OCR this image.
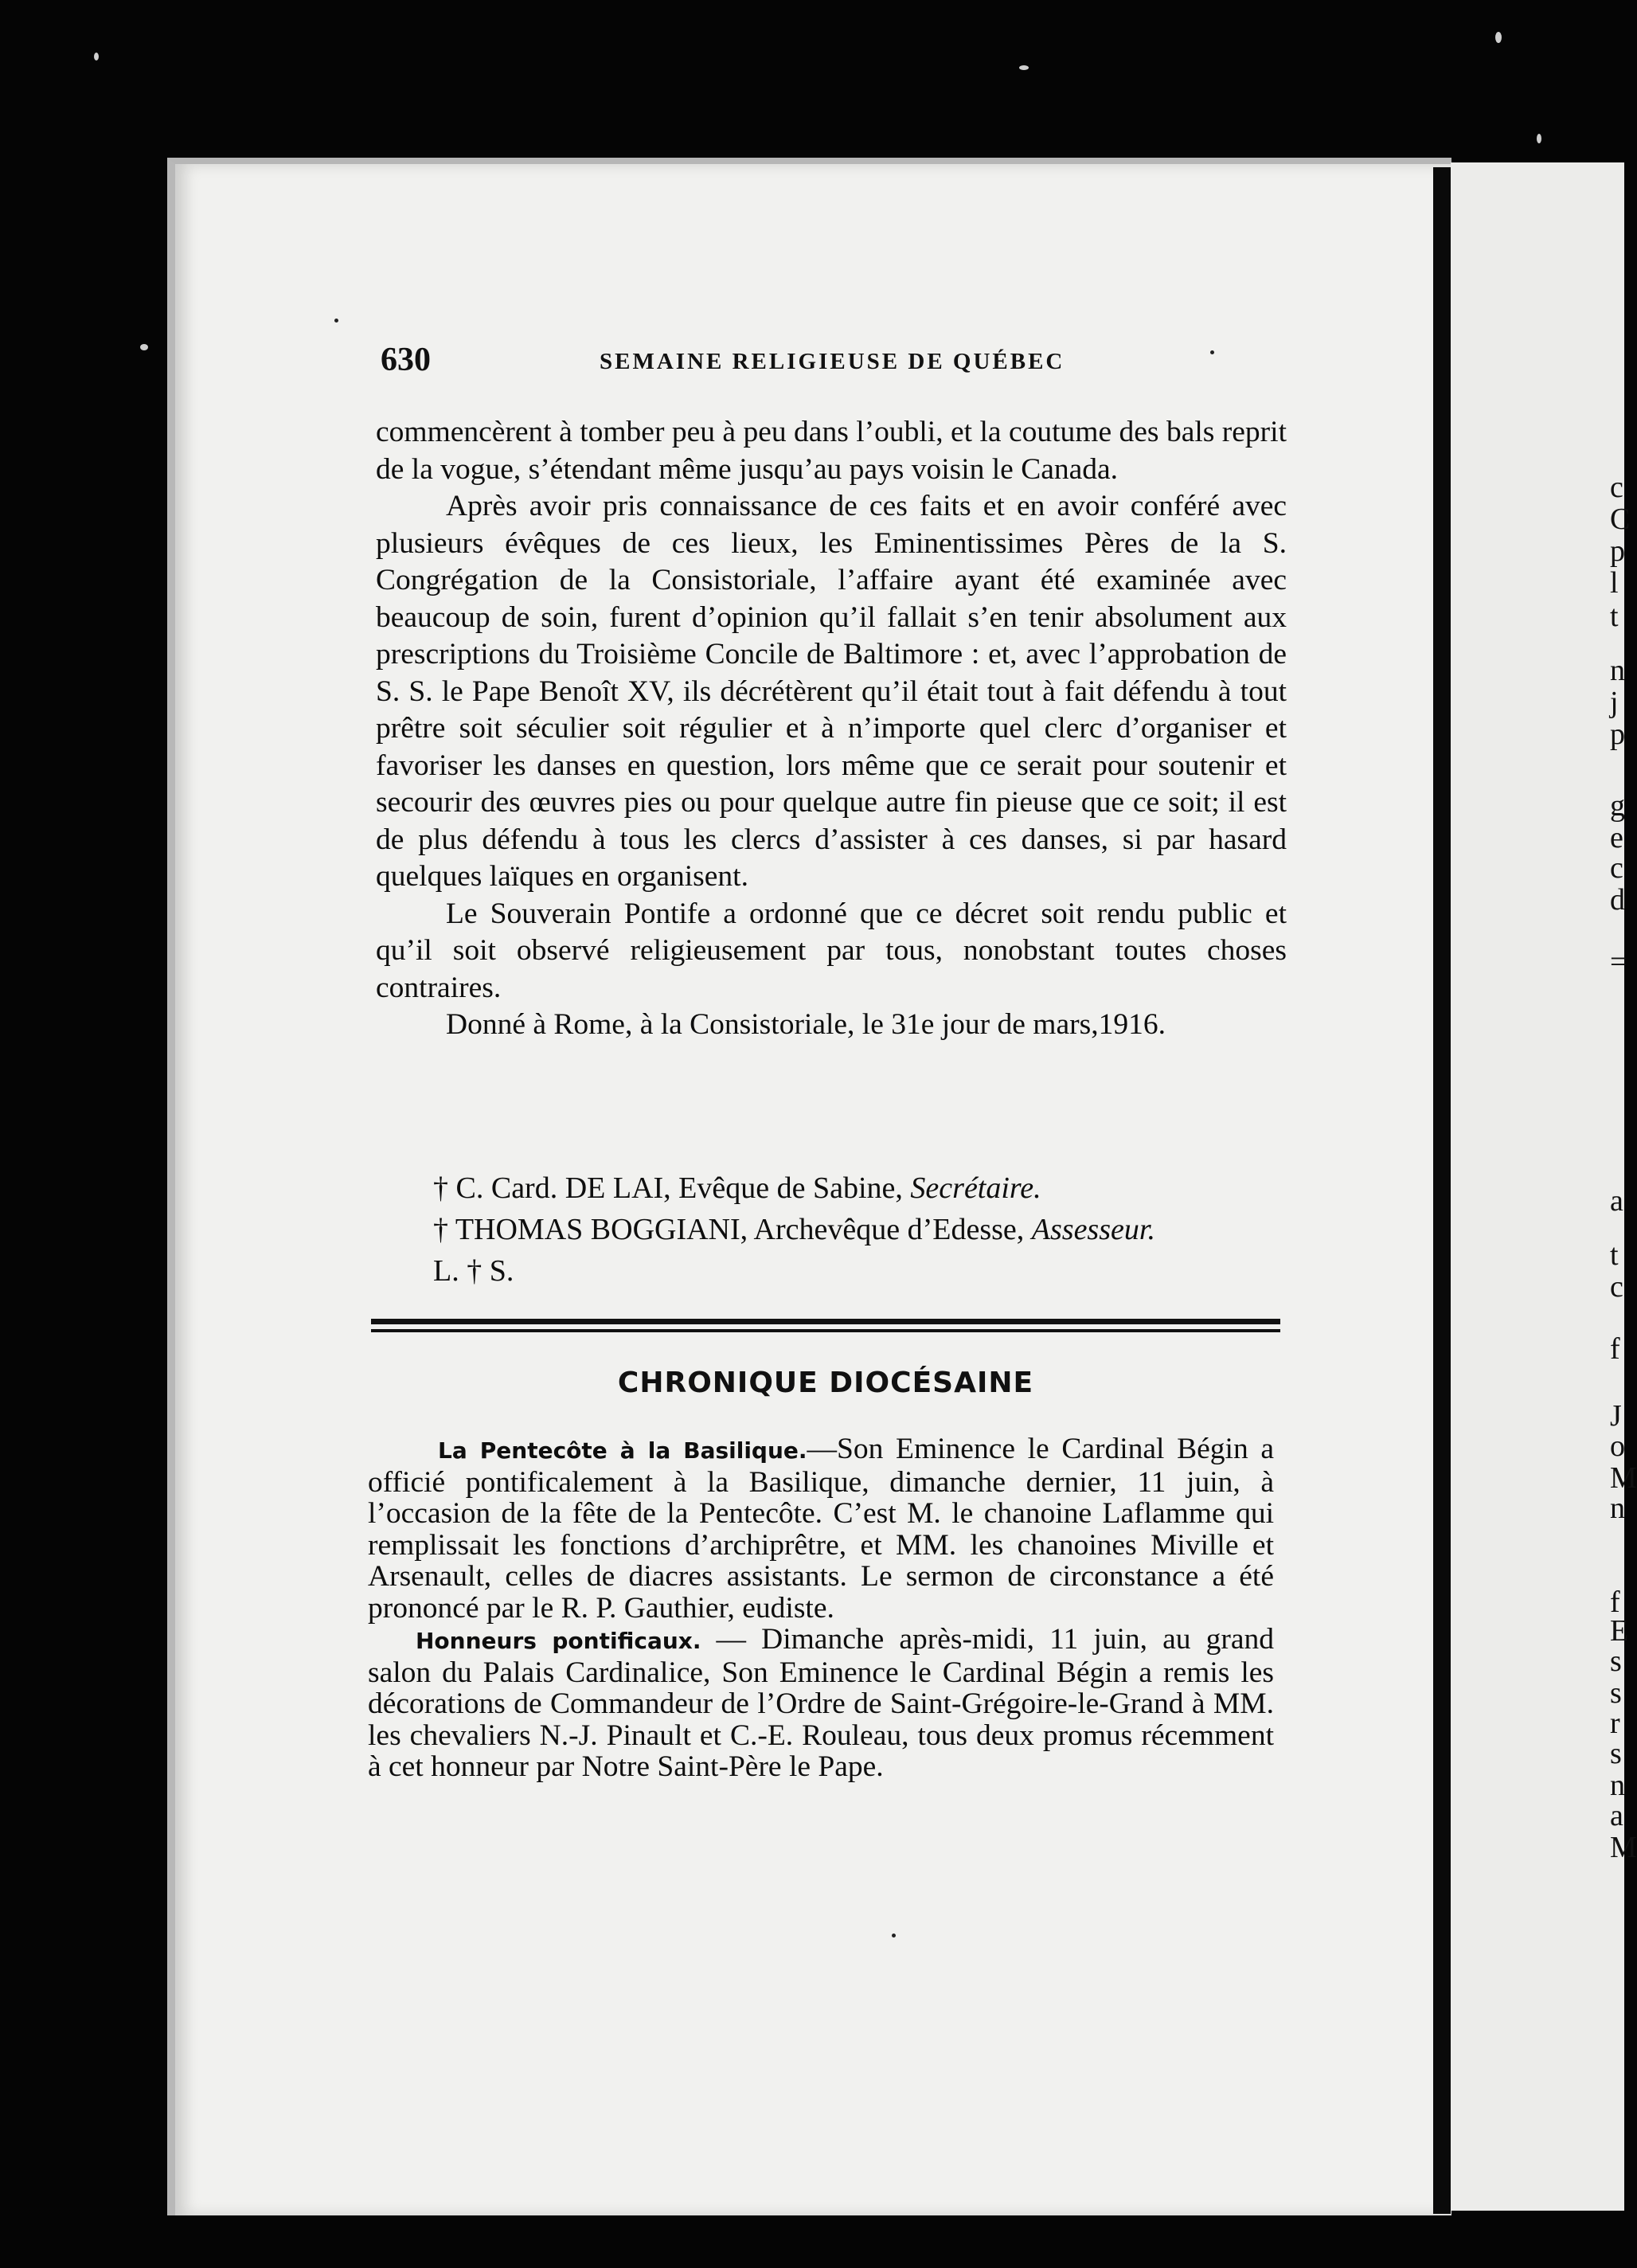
c
C
p
l
t
n
j
p
g
e
c
d
=
a
t
c
f
J
o
M
n
f
E
s
s
r
s
n
a
M
630	SEMAINE RELIGIEUSE DE QUÉBEC

commencèrent à tomber peu à peu dans l’oubli, et la coutume des bals reprit de la vogue, s’étendant même jusqu’au pays voisin le Canada.

Après avoir pris connaissance de ces faits et en avoir conféré avec plusieurs évêques de ces lieux, les Eminentissimes Pères de la S. Congrégation de la Consistoriale, l’affaire ayant été examinée avec beaucoup de soin, furent d’opinion qu’il fallait s’en tenir absolument aux prescriptions du Troisième Concile de Baltimore : et, avec l’approbation de S. S. le Pape Benoît XV, ils décrétèrent qu’il était tout à fait défendu à tout prêtre soit séculier soit régulier et à n’importe quel clerc d’organiser et favoriser les danses en question, lors même que ce serait pour soutenir et secourir des œuvres pies ou pour quelque autre fin pieuse que ce soit; il est de plus défendu à tous les clercs d’assister à ces danses, si par hasard quelques laïques en organisent.

Le Souverain Pontife a ordonné que ce décret soit rendu public et qu’il soit observé religieusement par tous, nonobstant toutes choses contraires.

Donné à Rome, à la Consistoriale, le 31e jour de mars,1916.

† C. Card. DE LAI, Evêque de Sabine, Secrétaire.
† THOMAS BOGGIANI, Archevêque d’Edesse, Assesseur.
L. † S.
CHRONIQUE DIOCÉSAINE

La Pentecôte à la Basilique.—Son Eminence le Cardinal Bégin a officié pontificalement à la Basilique, dimanche dernier, 11 juin, à l’occasion de la fête de la Pentecôte. C’est M. le chanoine Laflamme qui remplissait les fonctions d’archiprêtre, et MM. les chanoines Miville et Arsenault, celles de diacres assistants. Le sermon de circonstance a été prononcé par le R. P. Gauthier, eudiste.

Honneurs pontificaux. — Dimanche après-midi, 11 juin, au grand salon du Palais Cardinalice, Son Eminence le Cardinal Bégin a remis les décorations de Commandeur de l’Ordre de Saint-Grégoire-le-Grand à MM. les chevaliers N.-J. Pinault et C.-E. Rouleau, tous deux promus récemment à cet honneur par Notre Saint-Père le Pape.
